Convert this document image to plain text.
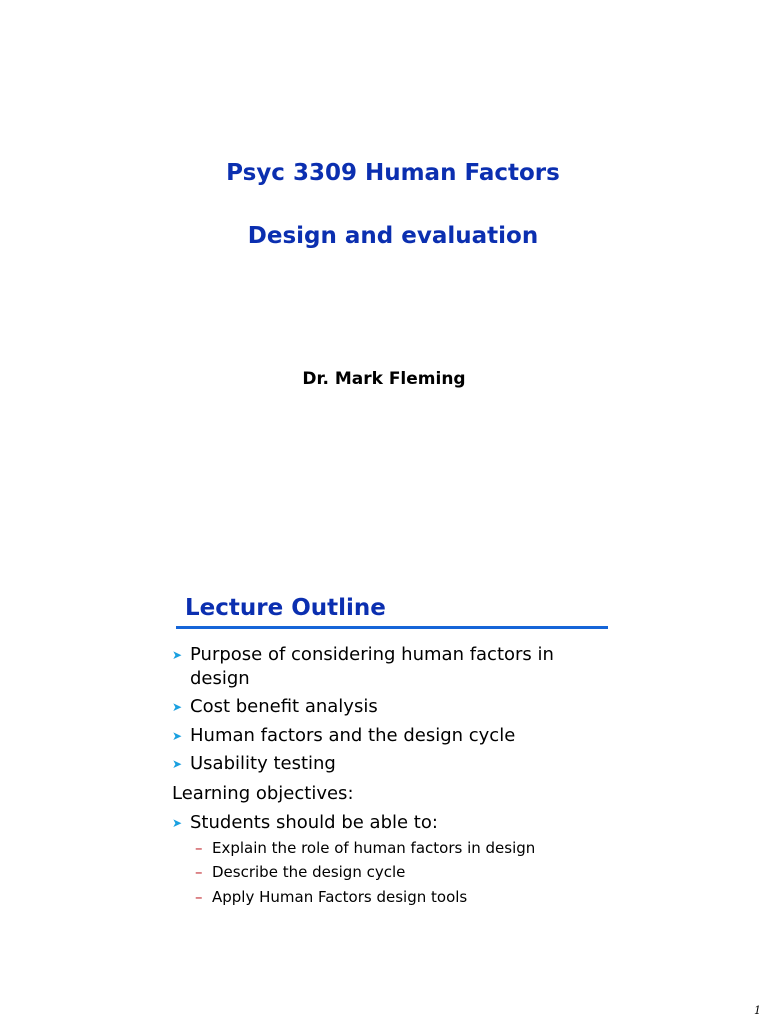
Psyc 3309 Human Factors
Design and evaluation
Dr. Mark Fleming
Lecture Outline
➤ Purpose of considering human factors in
design
➤ Cost benefit analysis
➤ Human factors and the design cycle
➤ Usability testing
Learning objectives:
➤ Students should be able to:
– Explain the role of human factors in design
– Describe the design cycle
– Apply Human Factors design tools
1
